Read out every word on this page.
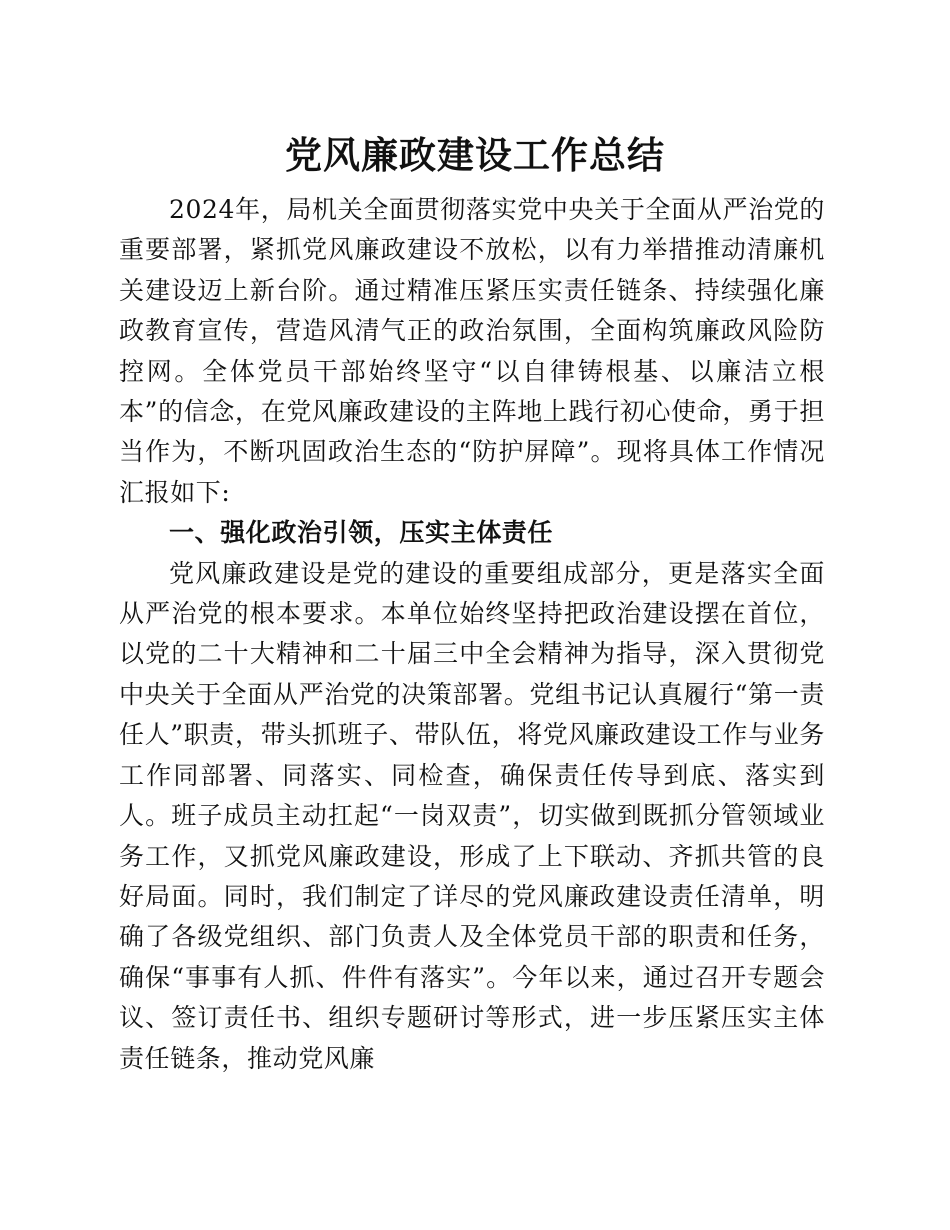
党风廉政建设工作总结

2024年，局机关全面贯彻落实党中央关于全面从严治党的重要部署，紧抓党风廉政建设不放松，以有力举措推动清廉机关建设迈上新台阶。通过精准压紧压实责任链条、持续强化廉政教育宣传，营造风清气正的政治氛围，全面构筑廉政风险防控网。全体党员干部始终坚守“以自律铸根基、以廉洁立根本”的信念，在党风廉政建设的主阵地上践行初心使命，勇于担当作为，不断巩固政治生态的“防护屏障”。现将具体工作情况汇报如下:

一、强化政治引领，压实主体责任

党风廉政建设是党的建设的重要组成部分，更是落实全面从严治党的根本要求。本单位始终坚持把政治建设摆在首位，以党的二十大精神和二十届三中全会精神为指导，深入贯彻党中央关于全面从严治党的决策部署。党组书记认真履行“第一责任人”职责，带头抓班子、带队伍，将党风廉政建设工作与业务工作同部署、同落实、同检查，确保责任传导到底、落实到人。班子成员主动扛起“一岗双责”，切实做到既抓分管领域业务工作，又抓党风廉政建设，形成了上下联动、齐抓共管的良好局面。同时，我们制定了详尽的党风廉政建设责任清单，明确了各级党组织、部门负责人及全体党员干部的职责和任务，确保“事事有人抓、件件有落实”。今年以来，通过召开专题会议、签订责任书、组织专题研讨等形式，进一步压紧压实主体责任链条，推动党风廉
